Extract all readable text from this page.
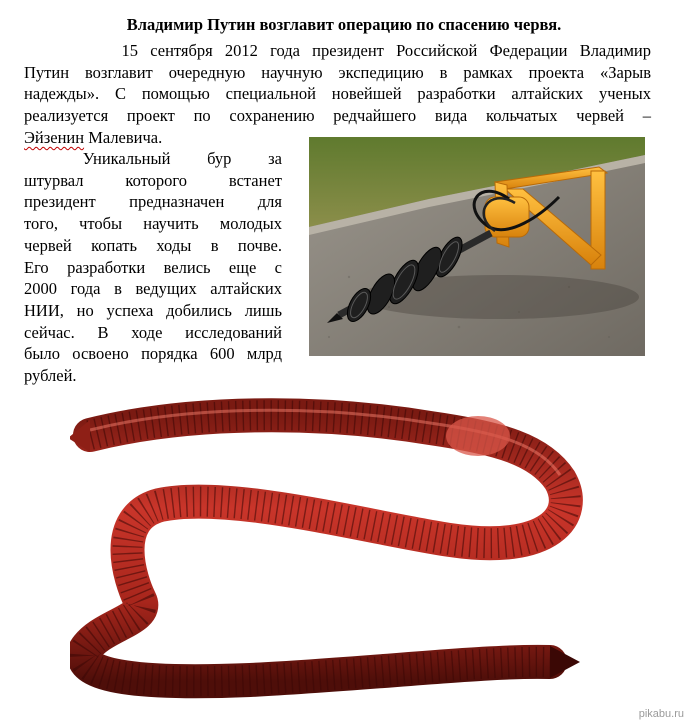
Владимир Путин возглавит операцию по спасению червя.

15 сентября 2012 года президент Российской Федерации Владимир
Путин возглавит очередную научную экспедицию в рамках проекта «Зарыв
надежды». С помощью специальной новейшей разработки алтайских ученых
реализуется проект по сохранению редчайшего вида кольчатых червей –
Эйзенин Малевича.

Уникальный     бур     за
штурвал которого встанет
президент предназначен для
того, чтобы научить молодых
червей копать ходы в почве.
Его разработки велись еще с
2000 года в ведущих алтайских
НИИ, но успеха добились лишь
сейчас. В ходе исследований
было освоено порядка 600 млрд
рублей.

pikabu.ru
